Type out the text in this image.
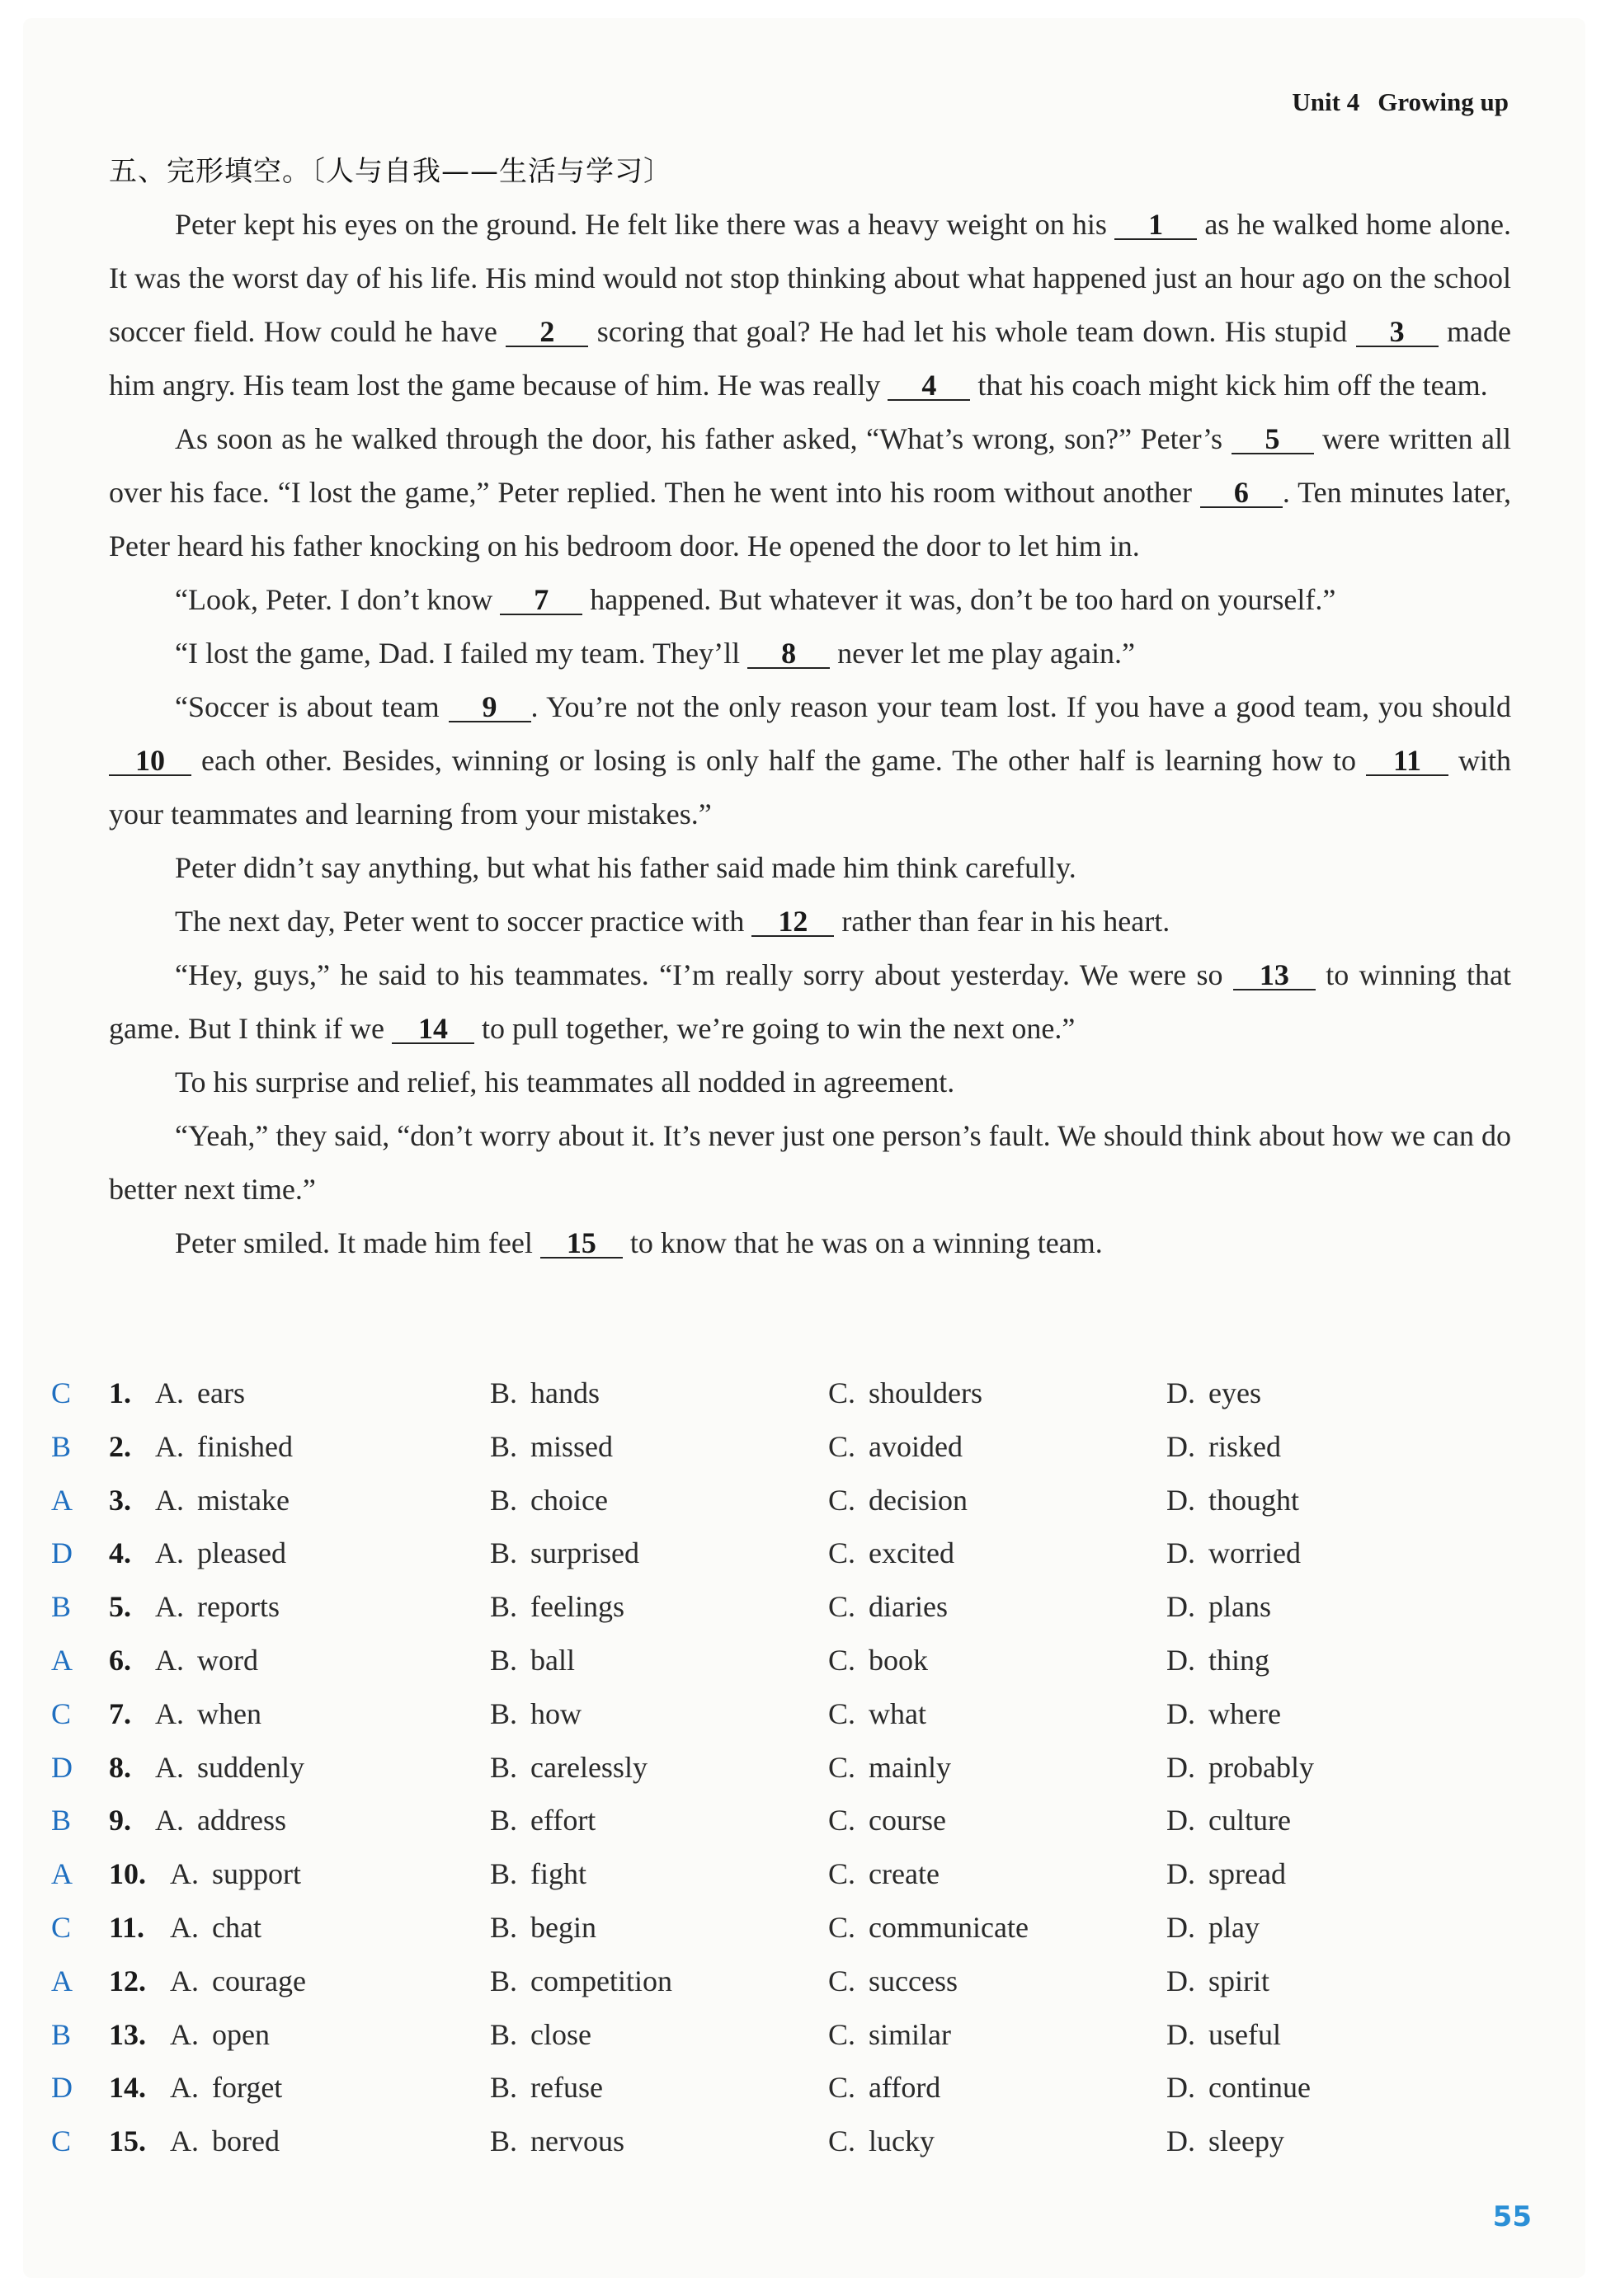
Unit 4 Growing up
五、完形填空。〔人与自我——生活与学习〕

Peter kept his eyes on the ground. He felt like there was a heavy weight on his 1 as he walked home alone. It was the worst day of his life. His mind would not stop thinking about what happened just an hour ago on the school soccer field. How could he have 2 scoring that goal? He had let his whole team down. His stupid 3 made him angry. His team lost the game because of him. He was really 4 that his coach might kick him off the team.

As soon as he walked through the door, his father asked, “What’s wrong, son?” Peter’s 5 were written all over his face. “I lost the game,” Peter replied. Then he went into his room without another 6 . Ten minutes later, Peter heard his father knocking on his bedroom door. He opened the door to let him in.

“Look, Peter. I don’t know 7 happened. But whatever it was, don’t be too hard on yourself.”

“I lost the game, Dad. I failed my team. They’ll 8 never let me play again.”

“Soccer is about team 9 . You’re not the only reason your team lost. If you have a good team, you should 10 each other. Besides, winning or losing is only half the game. The other half is learning how to 11 with your teammates and learning from your mistakes.”

Peter didn’t say anything, but what his father said made him think carefully.

The next day, Peter went to soccer practice with 12 rather than fear in his heart.

“Hey, guys,” he said to his teammates. “I’m really sorry about yesterday. We were so 13 to winning that game. But I think if we 14 to pull together, we’re going to win the next one.”

To his surprise and relief, his teammates all nodded in agreement.

“Yeah,” they said, “don’t worry about it. It’s never just one person’s fault. We should think about how we can do better next time.”

Peter smiled. It made him feel 15 to know that he was on a winning team.

C 1. A. ears	B. hands	C. shoulders	D. eyes
B 2. A. finished	B. missed	C. avoided	D. risked
A 3. A. mistake	B. choice	C. decision	D. thought
D 4. A. pleased	B. surprised	C. excited	D. worried
B 5. A. reports	B. feelings	C. diaries	D. plans
A 6. A. word	B. ball	C. book	D. thing
C 7. A. when	B. how	C. what	D. where
D 8. A. suddenly	B. carelessly	C. mainly	D. probably
B 9. A. address	B. effort	C. course	D. culture
A 10. A. support	B. fight	C. create	D. spread
C 11. A. chat	B. begin	C. communicate	D. play
A 12. A. courage	B. competition	C. success	D. spirit
B 13. A. open	B. close	C. similar	D. useful
D 14. A. forget	B. refuse	C. afford	D. continue
C 15. A. bored	B. nervous	C. lucky	D. sleepy
55
